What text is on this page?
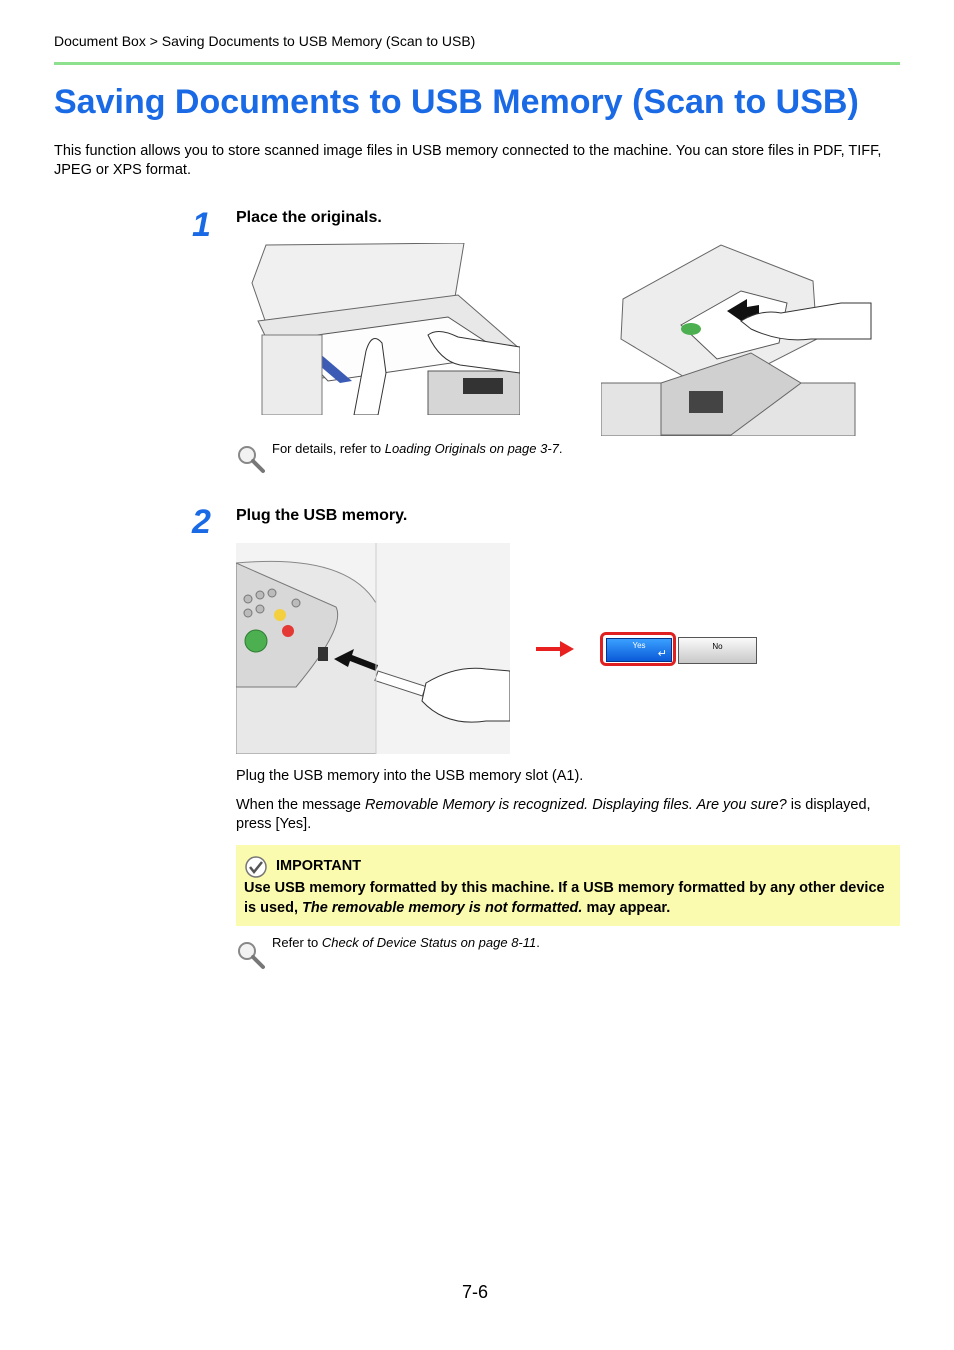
Document Box > Saving Documents to USB Memory (Scan to USB)
Saving Documents to USB Memory (Scan to USB)

This function allows you to store scanned image files in USB memory connected to the machine. You can store files in PDF, TIFF, JPEG or XPS format.

1 Place the originals.
For details, refer to Loading Originals on page 3-7.
2 Plug the USB memory.
Yes
↵
No
Plug the USB memory into the USB memory slot (A1).
When the message Removable Memory is recognized. Displaying files. Are you sure? is displayed, press [Yes].
IMPORTANT
Use USB memory formatted by this machine. If a USB memory formatted by any other device is used, The removable memory is not formatted. may appear.
Refer to Check of Device Status on page 8-11.
7-6
